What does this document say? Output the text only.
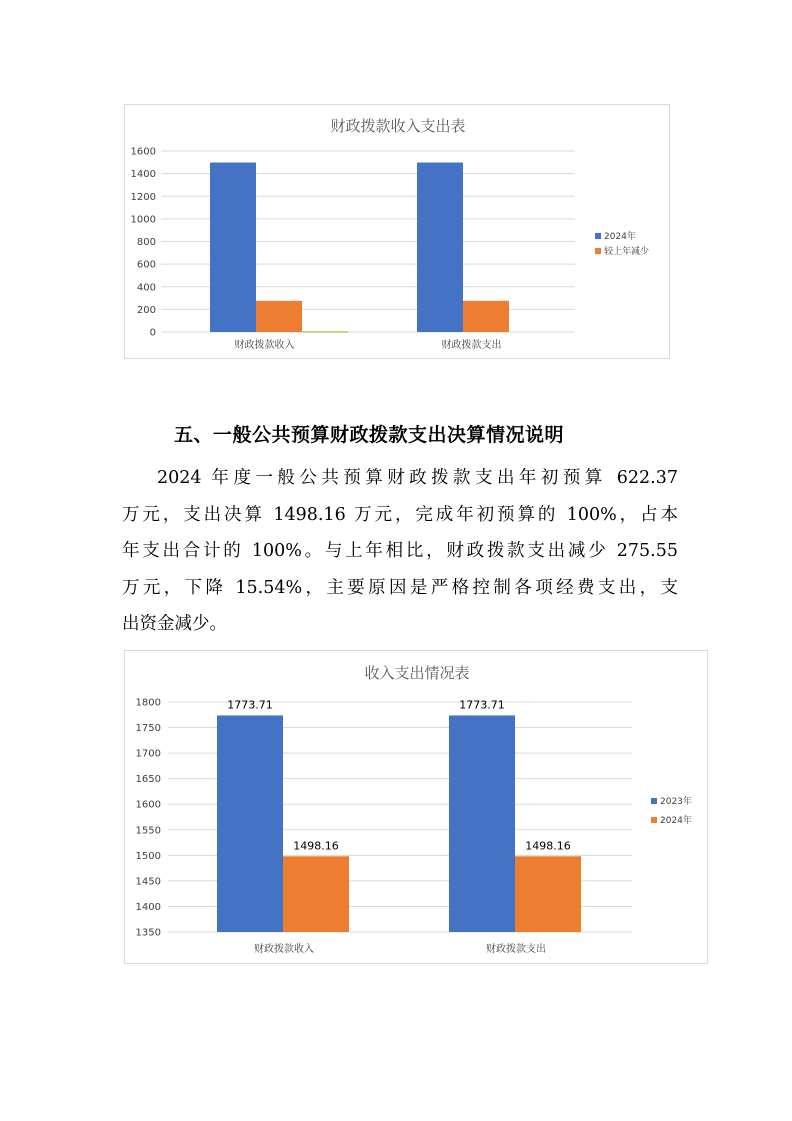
财政拨款收入支出表
0
200
400
600
800
1000
1200
1400
1600
财政拨款收入	财政拨款支出
2024年
较上年减少
五、一般公共预算财政拨款支出决算情况说明
2024 年度一般公共预算财政拨款支出年初预算 622.37
万元，支出决算 1498.16 万元，完成年初预算的 100%，占本
年支出合计的 100%。与上年相比，财政拨款支出减少 275.55
万元，下降 15.54%，主要原因是严格控制各项经费支出，支
出资金减少。
收入支出情况表
1350
1400
1450
1500
1550
1600
1650
1700
1750
1800	1773.71
1498.16
财政拨款收入
1773.71
1498.16
财政拨款支出
2023年
2024年
